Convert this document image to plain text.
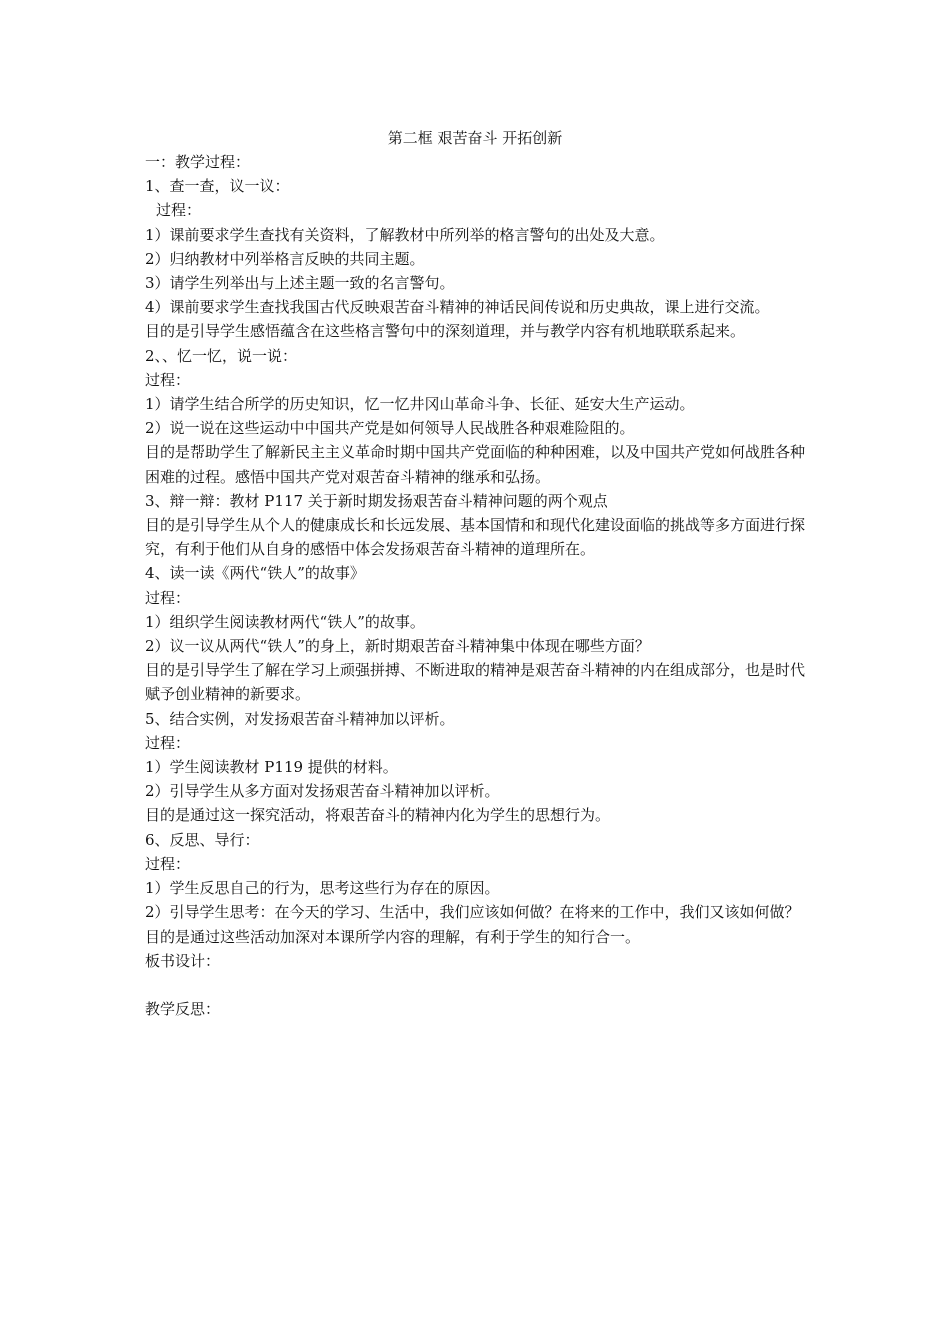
第二框 艰苦奋斗 开拓创新

一：教学过程：

1、查一查，议一议：

过程：

1）课前要求学生查找有关资料，了解教材中所列举的格言警句的出处及大意。

2）归纳教材中列举格言反映的共同主题。

3）请学生列举出与上述主题一致的名言警句。

4）课前要求学生查找我国古代反映艰苦奋斗精神的神话民间传说和历史典故，课上进行交流。

目的是引导学生感悟蕴含在这些格言警句中的深刻道理，并与教学内容有机地联联系起来。

2、、忆一忆，说一说：

过程：

1）请学生结合所学的历史知识，忆一忆井冈山革命斗争、长征、延安大生产运动。

2）说一说在这些运动中中国共产党是如何领导人民战胜各种艰难险阻的。

目的是帮助学生了解新民主主义革命时期中国共产党面临的种种困难，以及中国共产党如何战胜各种困难的过程。感悟中国共产党对艰苦奋斗精神的继承和弘扬。

3、辩一辩：教材 P117 关于新时期发扬艰苦奋斗精神问题的两个观点

目的是引导学生从个人的健康成长和长远发展、基本国情和和现代化建设面临的挑战等多方面进行探究，有利于他们从自身的感悟中体会发扬艰苦奋斗精神的道理所在。

4、读一读《两代“铁人”的故事》

过程：

1）组织学生阅读教材两代“铁人”的故事。

2）议一议从两代“铁人”的身上，新时期艰苦奋斗精神集中体现在哪些方面？

目的是引导学生了解在学习上顽强拼搏、不断进取的精神是艰苦奋斗精神的内在组成部分，也是时代赋予创业精神的新要求。

5、结合实例，对发扬艰苦奋斗精神加以评析。

过程：

1）学生阅读教材 P119 提供的材料。

2）引导学生从多方面对发扬艰苦奋斗精神加以评析。

目的是通过这一探究活动，将艰苦奋斗的精神内化为学生的思想行为。

6、反思、导行：

过程：

1）学生反思自己的行为，思考这些行为存在的原因。

2）引导学生思考：在今天的学习、生活中，我们应该如何做？在将来的工作中，我们又该如何做？

目的是通过这些活动加深对本课所学内容的理解，有利于学生的知行合一。

板书设计：

教学反思：
